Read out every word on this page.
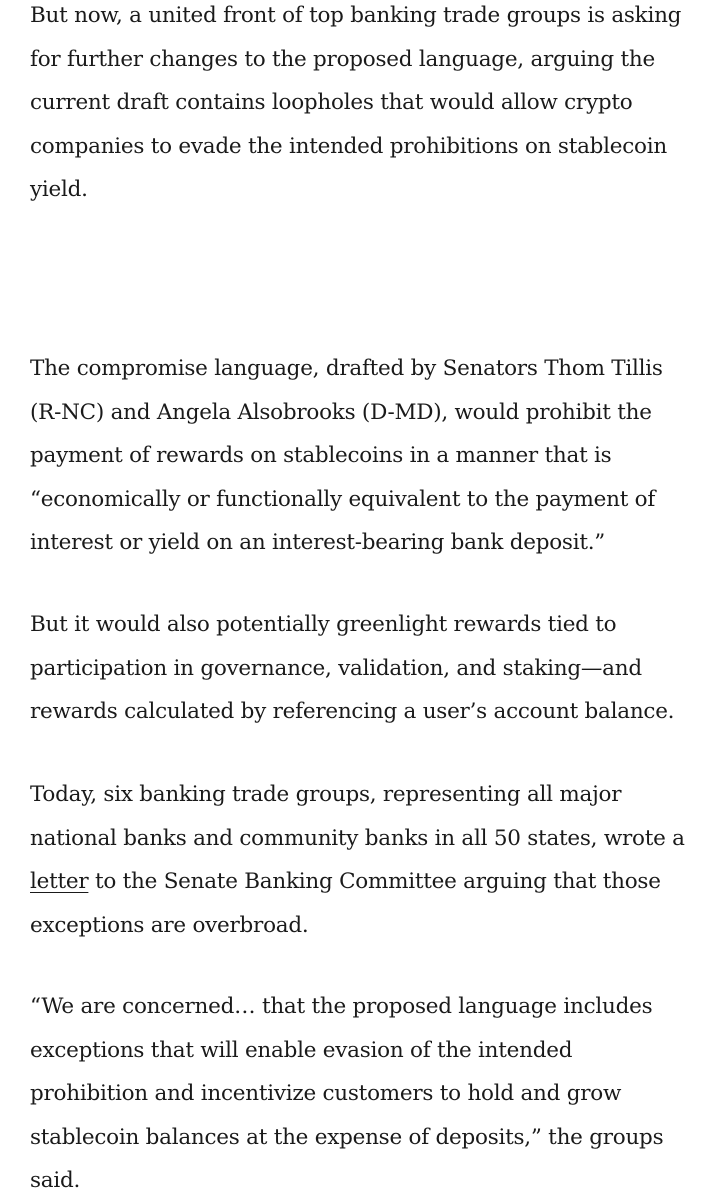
But now, a united front of top banking trade groups is asking for further changes to the proposed language, arguing the current draft contains loopholes that would allow crypto companies to evade the intended prohibitions on stablecoin yield.

The compromise language, drafted by Senators Thom Tillis (R-NC) and Angela Alsobrooks (D-MD), would prohibit the payment of rewards on stablecoins in a manner that is “economically or functionally equivalent to the payment of interest or yield on an interest-bearing bank deposit.”

But it would also potentially greenlight rewards tied to participation in governance, validation, and staking—and rewards calculated by referencing a user’s account balance.

Today, six banking trade groups, representing all major national banks and community banks in all 50 states, wrote a letter to the Senate Banking Committee arguing that those exceptions are overbroad.

“We are concerned… that the proposed language includes exceptions that will enable evasion of the intended prohibition and incentivize customers to hold and grow stablecoin balances at the expense of deposits,” the groups said.
